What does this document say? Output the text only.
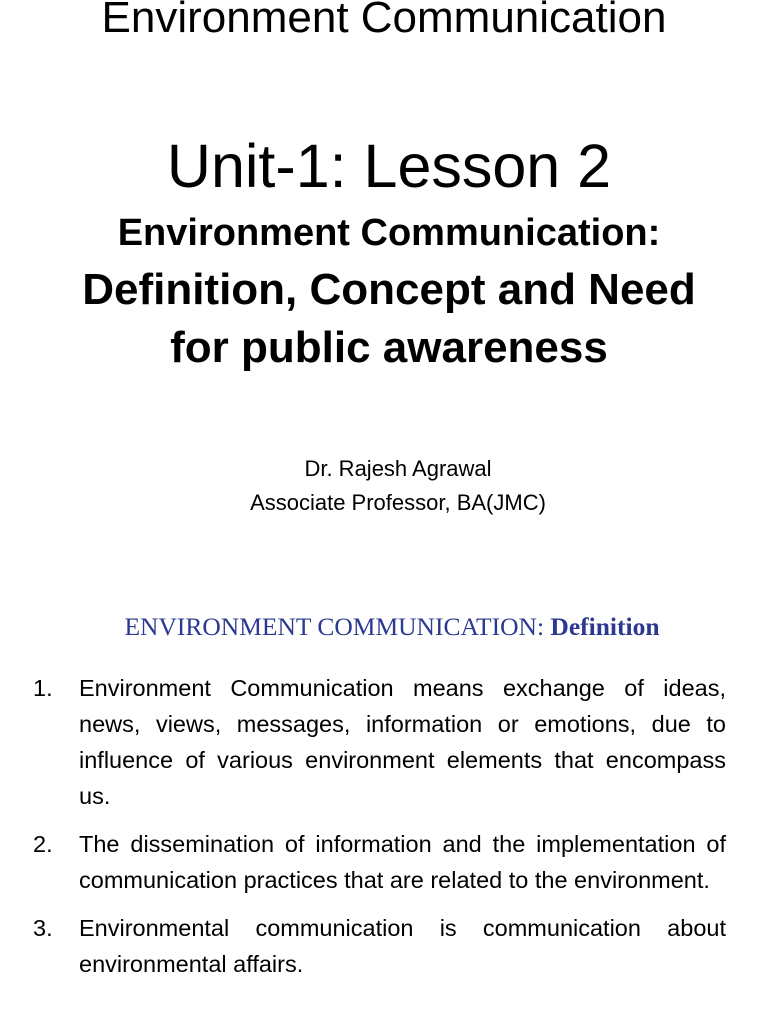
Environment Communication
Unit-1: Lesson 2
Environment Communication:
Definition, Concept and Need
for public awareness
Dr. Rajesh Agrawal
Associate Professor, BA(JMC)
ENVIRONMENT COMMUNICATION: Definition
1. Environment Communication means exchange of ideas, news, views, messages, information or emotions, due to influence of various environment elements that encompass us.
2. The dissemination of information and the implementation of communication practices that are related to the environment.
3. Environmental communication is communication about environmental affairs.
